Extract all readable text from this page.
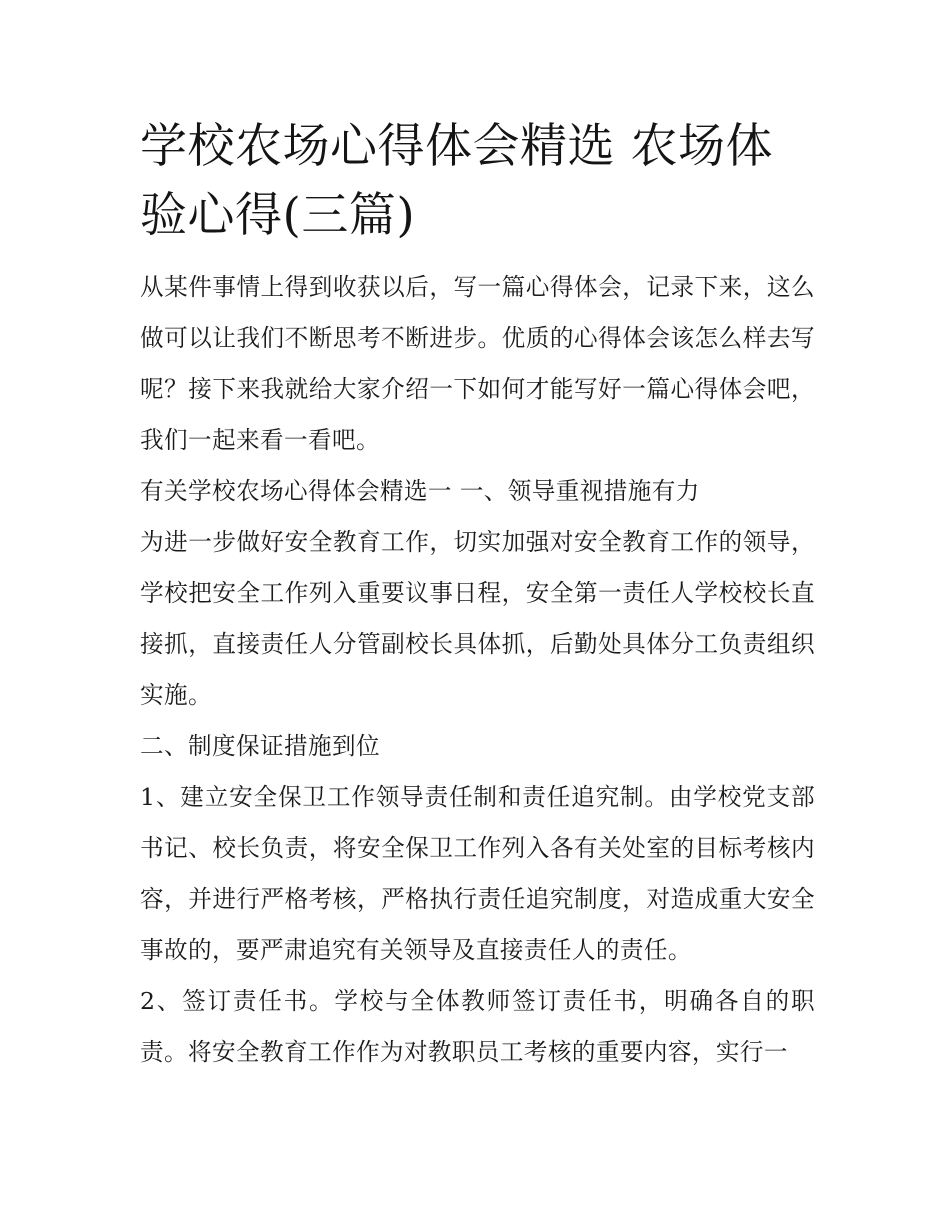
学校农场心得体会精选 农场体验心得(三篇)

从某件事情上得到收获以后，写一篇心得体会，记录下来，这么做可以让我们不断思考不断进步。优质的心得体会该怎么样去写呢？接下来我就给大家介绍一下如何才能写好一篇心得体会吧，我们一起来看一看吧。

有关学校农场心得体会精选一 一、领导重视措施有力

为进一步做好安全教育工作，切实加强对安全教育工作的领导，学校把安全工作列入重要议事日程，安全第一责任人学校校长直接抓，直接责任人分管副校长具体抓，后勤处具体分工负责组织实施。

二、制度保证措施到位

1、建立安全保卫工作领导责任制和责任追究制。由学校党支部书记、校长负责，将安全保卫工作列入各有关处室的目标考核内容，并进行严格考核，严格执行责任追究制度，对造成重大安全事故的，要严肃追究有关领导及直接责任人的责任。

2、签订责任书。学校与全体教师签订责任书，明确各自的职责。将安全教育工作作为对教职员工考核的重要内容，实行一
